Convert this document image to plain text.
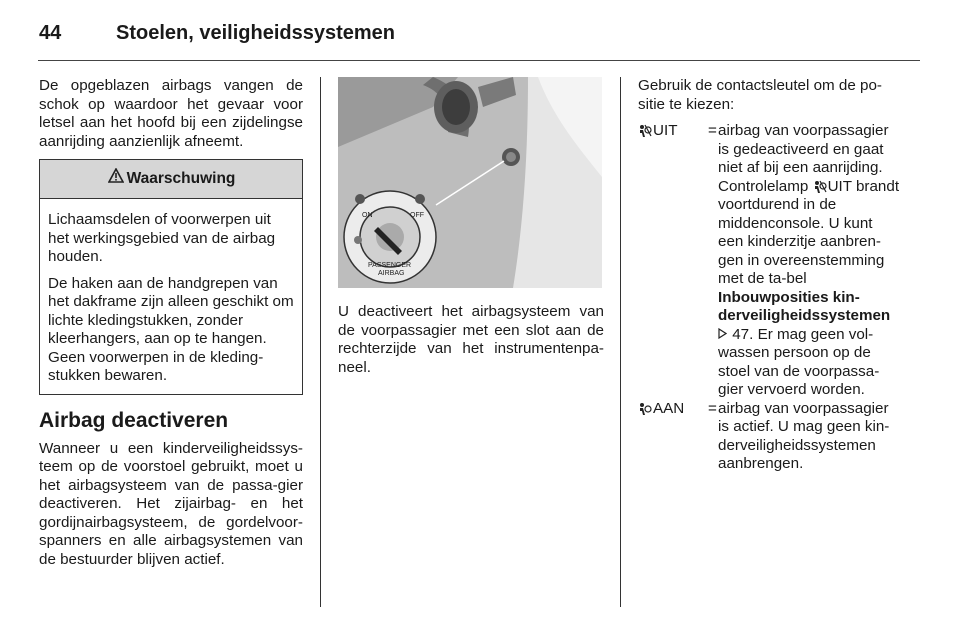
44	Stoelen, veiligheidssystemen

De opgeblazen airbags vangen de schok op waardoor het gevaar voor letsel aan het hoofd bij een zijdelingse aanrijding aanzienlijk afneemt.

Waarschuwing

Lichaamsdelen of voorwerpen uit het werkingsgebied van de airbag houden.

De haken aan de handgrepen van het dakframe zijn alleen geschikt om lichte kledingstukken, zonder kleerhangers, aan op te hangen. Geen voorwerpen in de kleding-stukken bewaren.

Airbag deactiveren

Wanneer u een kinderveiligheidssys-teem op de voorstoel gebruikt, moet u het airbagsysteem van de passa-gier deactiveren. Het zijairbag- en het gordijnairbagsysteem, de gordelvoor-spanners en alle airbagsystemen van de bestuurder blijven actief.

ON	OFF
PASSENGER
AIRBAG
U deactiveert het airbagsysteem van de voorpassagier met een slot aan de rechterzijde van het instrumentenpa-neel.

Gebruik de contactsleutel om de po-sitie te kiezen:

UIT = airbag van voorpassagier is gedeactiveerd en gaat niet af bij een aanrijding. Controlelamp UIT brandt voortdurend in de middenconsole. U kunt een kinderzitje aanbren-gen in overeenstemming met de ta-bel Inbouwposities kin-derveiligheidssystemen  47. Er mag geen vol-wassen persoon op de stoel van de voorpassa-gier vervoerd worden.
AAN = airbag van voorpassagier is actief. U mag geen kin-derveiligheidssystemen aanbrengen.
